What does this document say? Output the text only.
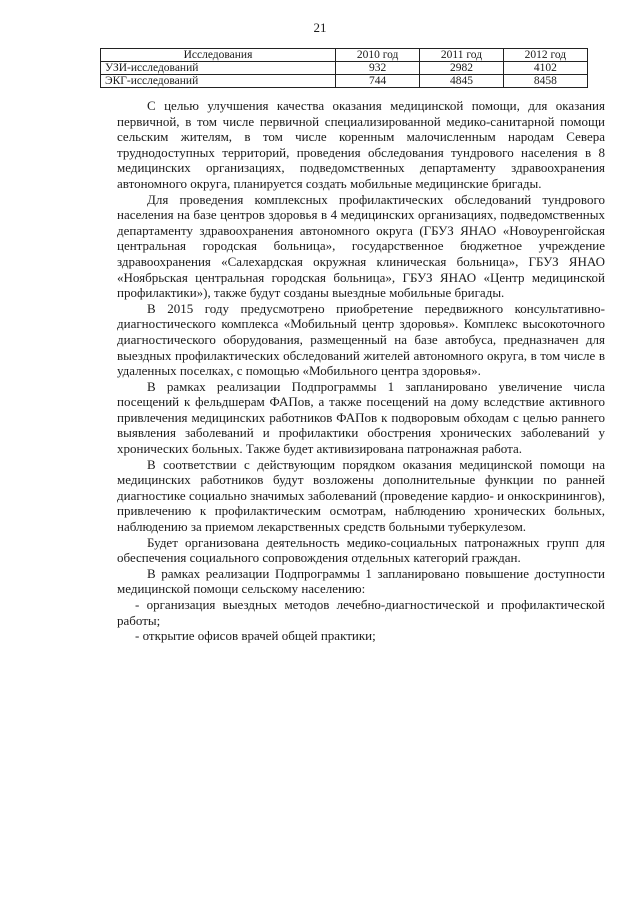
21
Исследования	2010 год	2011 год	2012 год
УЗИ-исследований	932	2982	4102
ЭКГ-исследований	744	4845	8458

С целью улучшения качества оказания медицинской помощи, для оказания первичной, в том числе первичной специализированной медико-санитарной помощи сельским жителям, в том числе коренным малочисленным народам Севера труднодоступных территорий, проведения обследования тундрового населения в 8 медицинских организациях, подведомственных департаменту здравоохранения автономного округа, планируется создать мобильные медицинские бригады.

Для проведения комплексных профилактических обследований тундрового населения на базе центров здоровья в 4 медицинских организациях, подведомственных департаменту здравоохранения автономного округа (ГБУЗ ЯНАО «Новоуренгойская центральная городская больница», государственное бюджетное учреждение здравоохранения «Салехардская окружная клиническая больница», ГБУЗ ЯНАО «Ноябрьская центральная городская больница», ГБУЗ ЯНАО «Центр медицинской профилактики»), также будут созданы выездные мобильные бригады.

В 2015 году предусмотрено приобретение передвижного консультативно-диагностического комплекса «Мобильный центр здоровья». Комплекс высокоточного диагностического оборудования, размещенный на базе автобуса, предназначен для выездных профилактических обследований жителей автономного округа, в том числе в удаленных поселках, с помощью «Мобильного центра здоровья».

В рамках реализации Подпрограммы 1 запланировано увеличение числа посещений к фельдшерам ФАПов, а также посещений на дому вследствие активного привлечения медицинских работников ФАПов к подворовым обходам с целью раннего выявления заболеваний и профилактики обострения хронических заболеваний у хронических больных. Также будет активизирована патронажная работа.

В соответствии с действующим порядком оказания медицинской помощи на медицинских работников будут возложены дополнительные функции по ранней диагностике социально значимых заболеваний (проведение кардио- и онкоскринингов), привлечению к профилактическим осмотрам, наблюдению хронических больных, наблюдению за приемом лекарственных средств больными туберкулезом.

Будет организована деятельность медико-социальных патронажных групп для обеспечения социального сопровождения отдельных категорий граждан.

В рамках реализации Подпрограммы 1 запланировано повышение доступности медицинской помощи сельскому населению:

- организация выездных методов лечебно-диагностической и профилактической работы;

- открытие офисов врачей общей практики;
